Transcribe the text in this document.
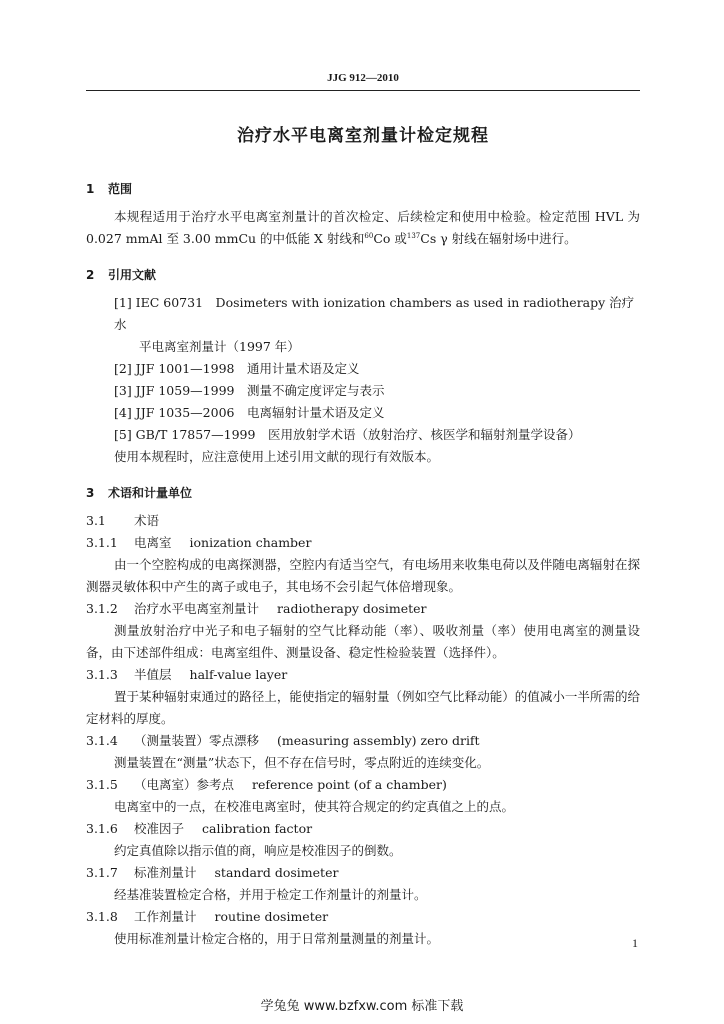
JJG 912—2010
治疗水平电离室剂量计检定规程
1 范围

本规程适用于治疗水平电离室剂量计的首次检定、后续检定和使用中检验。检定范围 HVL 为 0.027 mmAl 至 3.00 mmCu 的中低能 X 射线和$^{60}$Co 或$^{137}$Cs γ 射线在辐射场中进行。

2 引用文献

[1] IEC 60731　Dosimeters with ionization chambers as used in radiotherapy 治疗水

平电离室剂量计（1997 年）

[2] JJF 1001—1998　通用计量术语及定义

[3] JJF 1059—1999　测量不确定度评定与表示

[4] JJF 1035—2006　电离辐射计量术语及定义

[5] GB/T 17857—1999　医用放射学术语（放射治疗、核医学和辐射剂量学设备）

使用本规程时，应注意使用上述引用文献的现行有效版本。

3 术语和计量单位

3.1 术语

3.1.1 电离室 ionization chamber

由一个空腔构成的电离探测器，空腔内有适当空气，有电场用来收集电荷以及伴随电离辐射在探测器灵敏体积中产生的离子或电子，其电场不会引起气体倍增现象。

3.1.2 治疗水平电离室剂量计 radiotherapy dosimeter

测量放射治疗中光子和电子辐射的空气比释动能（率）、吸收剂量（率）使用电离室的测量设备，由下述部件组成：电离室组件、测量设备、稳定性检验装置（选择件）。

3.1.3 半值层 half-value layer

置于某种辐射束通过的路径上，能使指定的辐射量（例如空气比释动能）的值减小一半所需的给定材料的厚度。

3.1.4 （测量装置）零点漂移 (measuring assembly) zero drift

测量装置在“测量”状态下，但不存在信号时，零点附近的连续变化。

3.1.5 （电离室）参考点 reference point (of a chamber)

电离室中的一点，在校准电离室时，使其符合规定的约定真值之上的点。

3.1.6 校准因子 calibration factor

约定真值除以指示值的商，响应是校准因子的倒数。

3.1.7 标准剂量计 standard dosimeter

经基准装置检定合格，并用于检定工作剂量计的剂量计。

3.1.8 工作剂量计 routine dosimeter

使用标准剂量计检定合格的，用于日常剂量测量的剂量计。	1
学兔兔 www.bzfxw.com 标准下载
